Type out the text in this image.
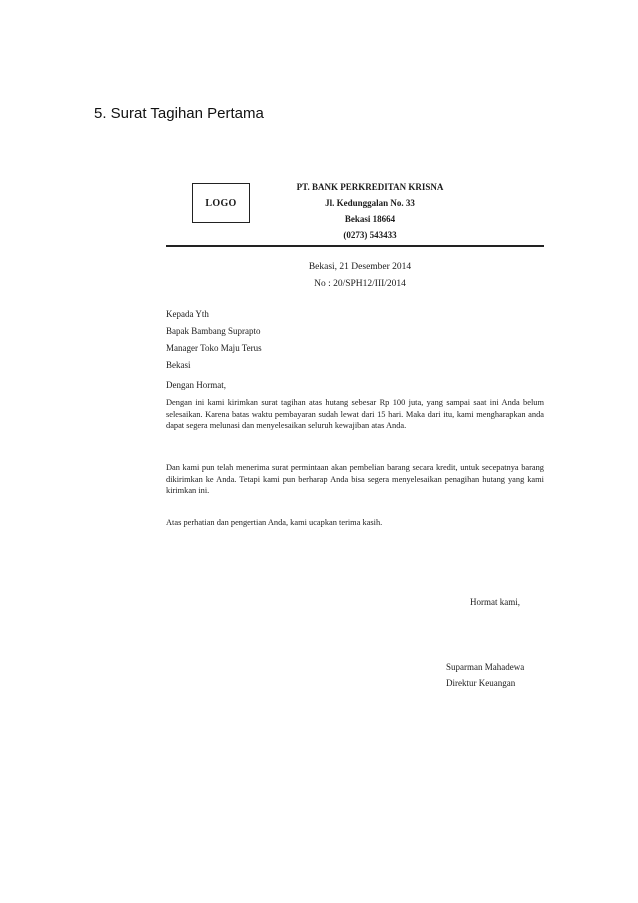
5. Surat Tagihan Pertama
LOGO
PT. BANK PERKREDITAN KRISNA
Jl. Kedunggalan No. 33
Bekasi 18664
(0273) 543433
Bekasi, 21 Desember 2014
No : 20/SPH12/III/2014
Kepada Yth
Bapak Bambang Suprapto
Manager Toko Maju Terus
Bekasi
Dengan Hormat,
Dengan ini kami kirimkan surat tagihan atas hutang sebesar Rp 100 juta, yang sampai saat ini Anda belum selesaikan. Karena batas waktu pembayaran sudah lewat dari 15 hari. Maka dari itu, kami mengharapkan anda dapat segera melunasi dan menyelesaikan seluruh kewajiban atas Anda.
Dan kami pun telah menerima surat permintaan akan pembelian barang secara kredit, untuk secepatnya barang dikirimkan ke Anda. Tetapi kami pun berharap Anda bisa segera menyelesaikan penagihan hutang yang kami kirimkan ini.
Atas perhatian dan pengertian Anda, kami ucapkan terima kasih.
Hormat kami,
Suparman Mahadewa
Direktur Keuangan
